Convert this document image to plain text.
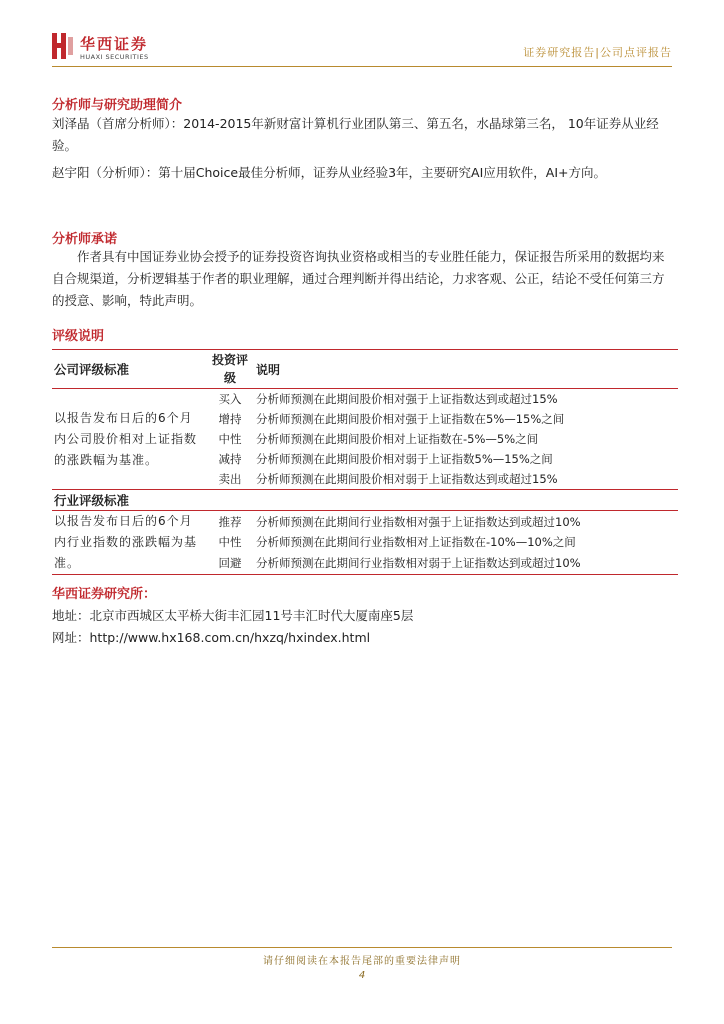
华西证券
HUAXI SECURITIES	证券研究报告|公司点评报告
分析师与研究助理简介
刘泽晶（首席分析师）：2014-2015年新财富计算机行业团队第三、第五名，水晶球第三名， 10年证券从业经验。
赵宇阳（分析师）：第十届Choice最佳分析师，证券从业经验3年，主要研究AI应用软件，AI+方向。
分析师承诺
作者具有中国证券业协会授予的证券投资咨询执业资格或相当的专业胜任能力，保证报告所采用的数据均来自合规渠道，分析逻辑基于作者的职业理解，通过合理判断并得出结论，力求客观、公正，结论不受任何第三方的授意、影响，特此声明。
评级说明
公司评级标准	投资评级	说明
以报告发布日后的6个月内公司股价相对上证指数的涨跌幅为基准。	买入	分析师预测在此期间股价相对强于上证指数达到或超过15%
	增持	分析师预测在此期间股价相对强于上证指数在5%—15%之间
	中性	分析师预测在此期间股价相对上证指数在-5%—5%之间
	减持	分析师预测在此期间股价相对弱于上证指数5%—15%之间
	卖出	分析师预测在此期间股价相对弱于上证指数达到或超过15%
行业评级标准		
以报告发布日后的6个月内行业指数的涨跌幅为基准。	推荐	分析师预测在此期间行业指数相对强于上证指数达到或超过10%
	中性	分析师预测在此期间行业指数相对上证指数在-10%—10%之间
	回避	分析师预测在此期间行业指数相对弱于上证指数达到或超过10%

华西证券研究所：
地址：北京市西城区太平桥大街丰汇园11号丰汇时代大厦南座5层
网址：http://www.hx168.com.cn/hxzq/hxindex.html
请仔细阅读在本报告尾部的重要法律声明
4
